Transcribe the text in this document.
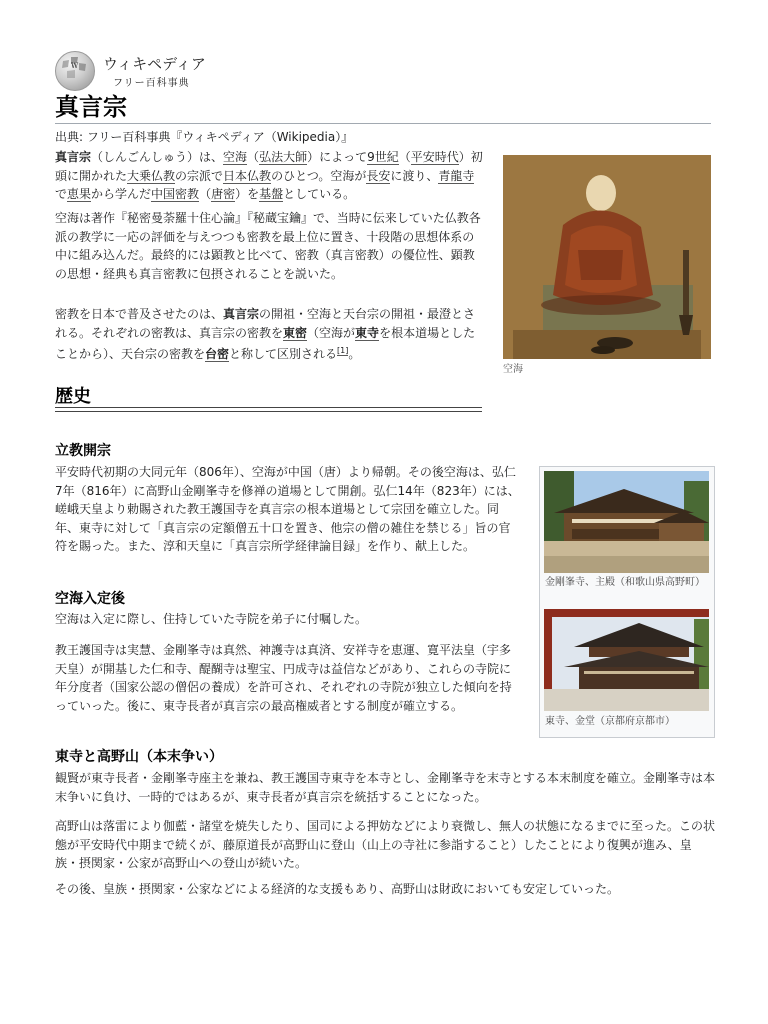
W ウィキペディア
フリー百科事典
真言宗
出典: フリー百科事典『ウィキペディア（Wikipedia）』

真言宗（しんごんしゅう）は、空海（弘法大師）によって9世紀（平安時代）初頭に開かれた大乗仏教の宗派で日本仏教のひとつ。空海が長安に渡り、青龍寺で恵果から学んだ中国密教（唐密）を基盤としている。

空海は著作『秘密曼荼羅十住心論』『秘蔵宝鑰』で、当時に伝来していた仏教各派の教学に一応の評価を与えつつも密教を最上位に置き、十段階の思想体系の中に組み込んだ。最終的には顕教と比べて、密教（真言密教）の優位性、顕教の思想・経典も真言密教に包摂されることを説いた。

密教を日本で普及させたのは、真言宗の開祖・空海と天台宗の開祖・最澄とされる。それぞれの密教は、真言宗の密教を東密（空海が東寺を根本道場としたことから）、天台宗の密教を台密と称して区別される[1]。

空海
歴史
立教開宗

平安時代初期の大同元年（806年）、空海が中国（唐）より帰朝。その後空海は、弘仁7年（816年）に高野山金剛峯寺を修禅の道場として開創。弘仁14年（823年）には、嵯峨天皇より勅賜された教王護国寺を真言宗の根本道場として宗団を確立した。同年、東寺に対して「真言宗の定額僧五十口を置き、他宗の僧の雑住を禁じる」旨の官符を賜った。また、淳和天皇に「真言宗所学経律論目録」を作り、献上した。

空海入定後

空海は入定に際し、住持していた寺院を弟子に付嘱した。

教王護国寺は実慧、金剛峯寺は真然、神護寺は真済、安祥寺を恵運、寛平法皇（宇多天皇）が開基した仁和寺、醍醐寺は聖宝、円成寺は益信などがあり、これらの寺院に年分度者（国家公認の僧侶の養成）を許可され、それぞれの寺院が独立した傾向を持っていった。後に、東寺長者が真言宗の最高権威者とする制度が確立する。

東寺と高野山（本末争い）

観賢が東寺長者・金剛峯寺座主を兼ね、教王護国寺東寺を本寺とし、金剛峯寺を末寺とする本末制度を確立。金剛峯寺は本末争いに負け、一時的ではあるが、東寺長者が真言宗を統括することになった。

高野山は落雷により伽藍・諸堂を焼失したり、国司による押妨などにより衰微し、無人の状態になるまでに至った。この状態が平安時代中期まで続くが、藤原道長が高野山に登山（山上の寺社に参詣すること）したことにより復興が進み、皇族・摂関家・公家が高野山への登山が続いた。

その後、皇族・摂関家・公家などによる経済的な支援もあり、高野山は財政においても安定していった。

金剛峯寺、主殿（和歌山県高野町）
東寺、金堂（京都府京都市）
